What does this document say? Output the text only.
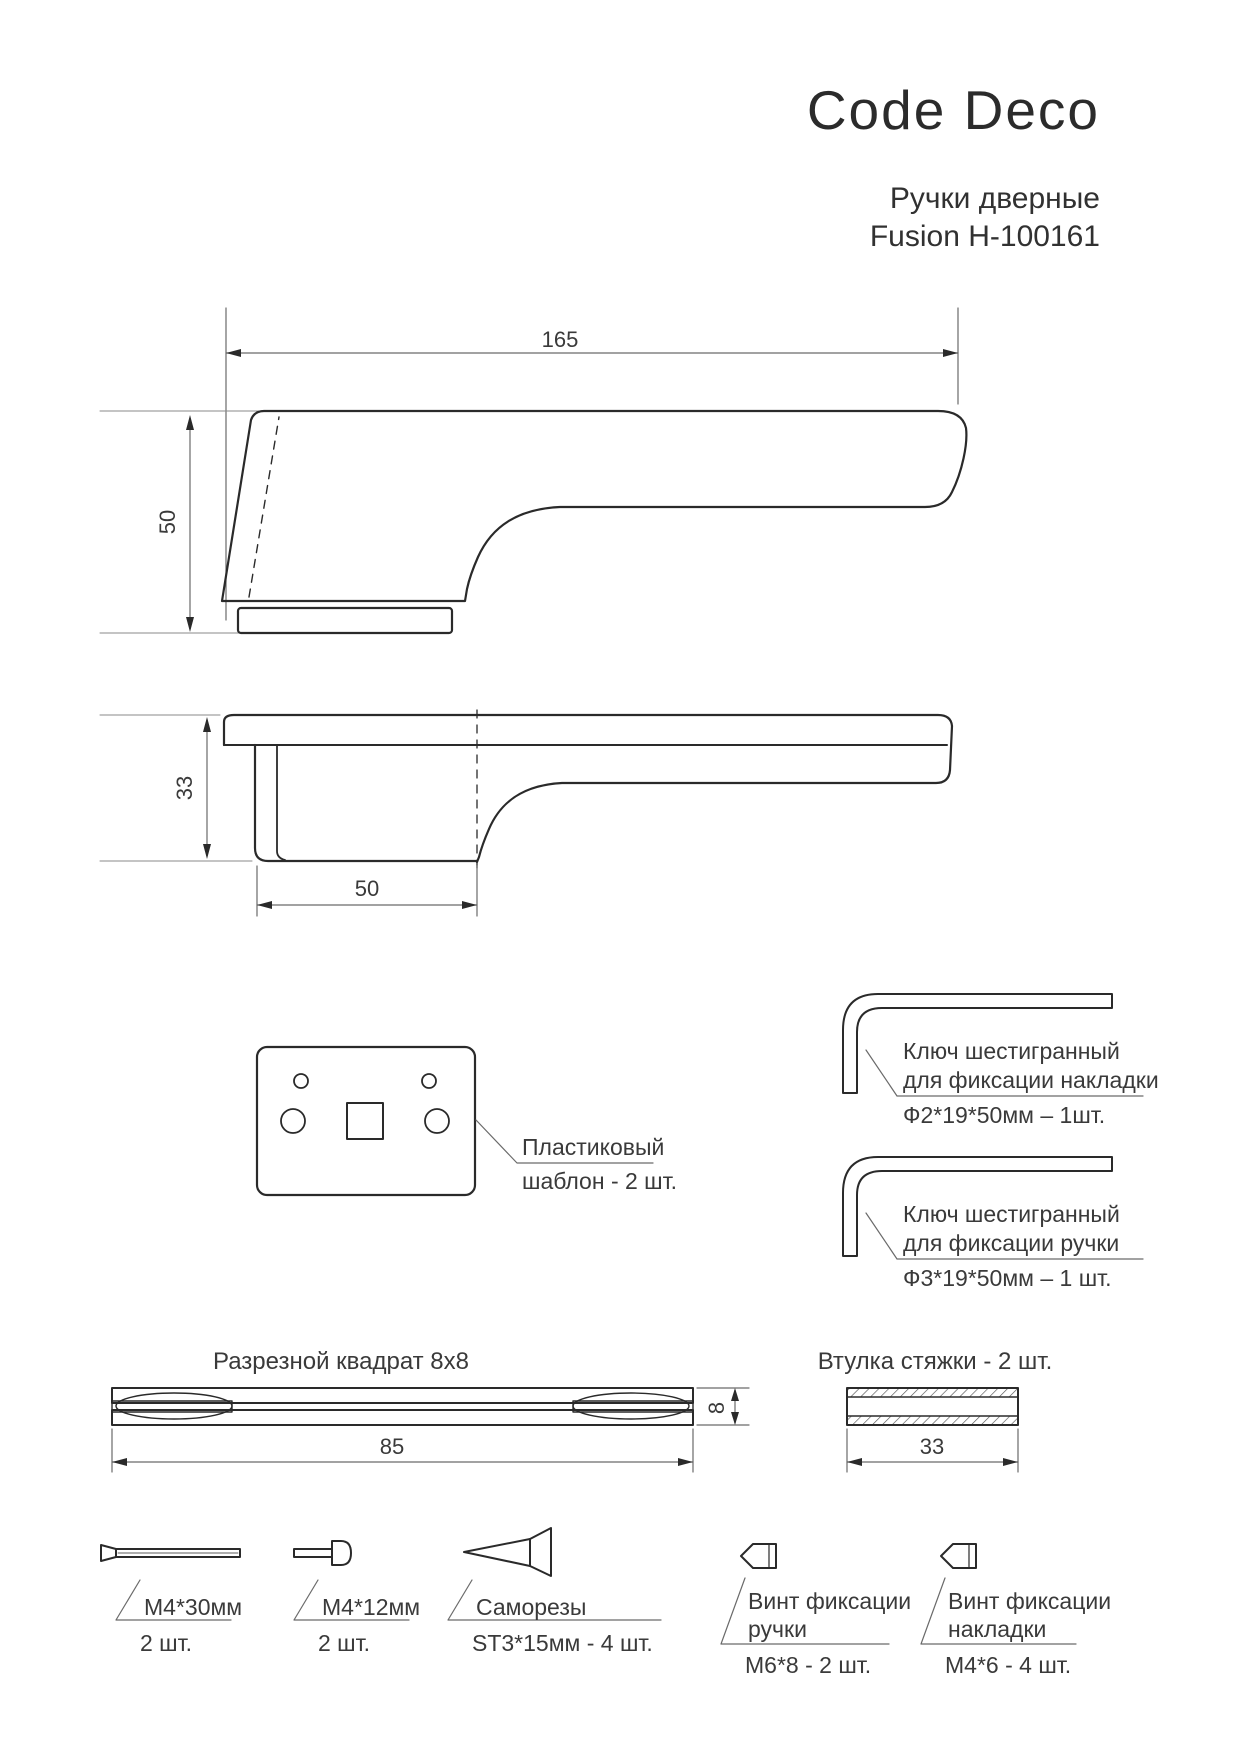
Code Deco
Ручки дверные
Fusion H-100161
165
50
33
50
Пластиковый
шаблон - 2 шт.
Ключ шестигранный
для фиксации накладки
Ф2*19*50мм – 1шт.
Ключ шестигранный
для фиксации ручки
Ф3*19*50мм – 1 шт.
Разрезной квадрат 8x8
85
8
Втулка стяжки - 2 шт.
33
М4*30мм
2 шт.
М4*12мм
2 шт.
Саморезы
ST3*15мм - 4 шт.
Винт фиксации
ручки
М6*8 - 2 шт.
Винт фиксации
накладки
М4*6 - 4 шт.
